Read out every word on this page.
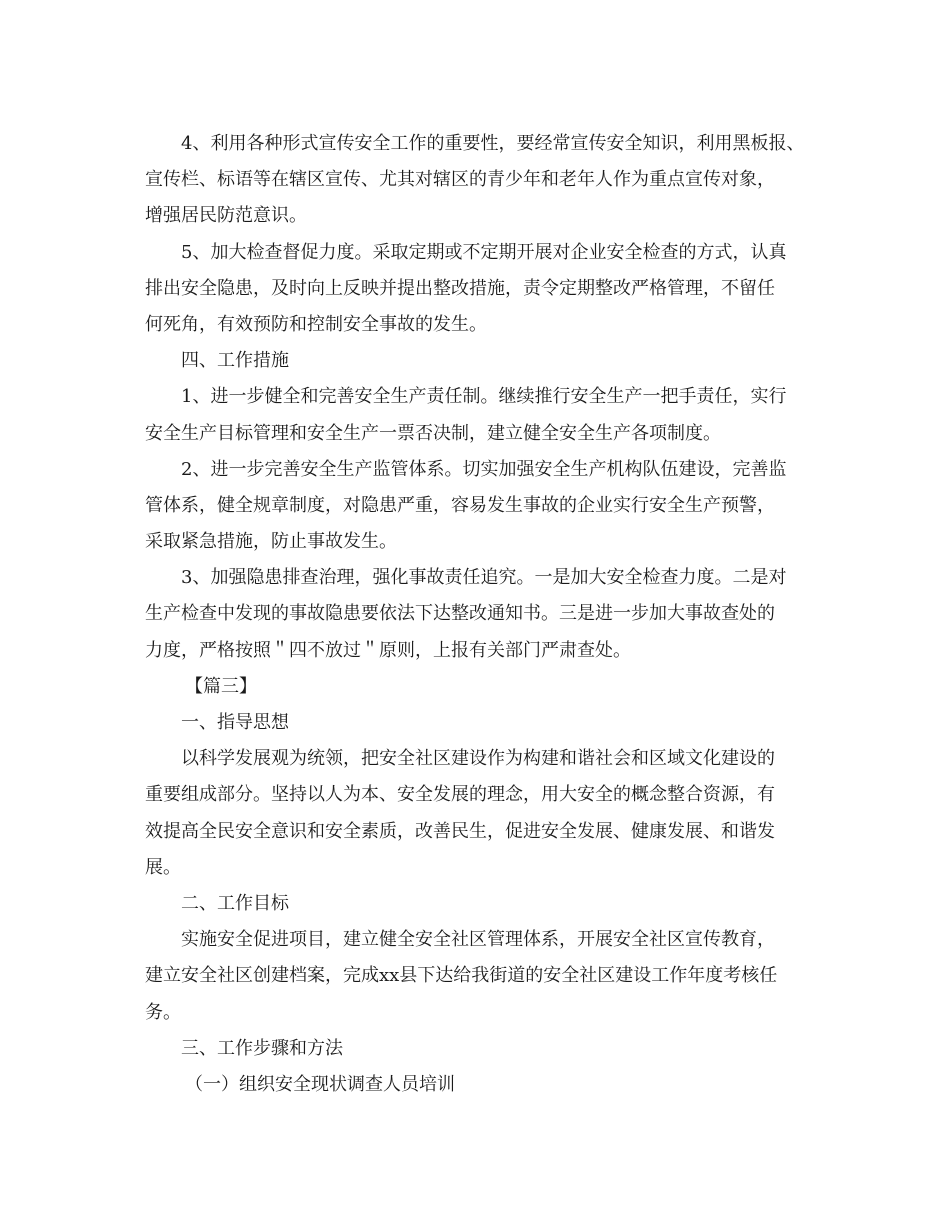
4、利用各种形式宣传安全工作的重要性，要经常宣传安全知识，利用黑板报、
宣传栏、标语等在辖区宣传、尤其对辖区的青少年和老年人作为重点宣传对象，
增强居民防范意识。
5、加大检查督促力度。采取定期或不定期开展对企业安全检查的方式，认真
排出安全隐患，及时向上反映并提出整改措施，责令定期整改严格管理，不留任
何死角，有效预防和控制安全事故的发生。
四、工作措施
1、进一步健全和完善安全生产责任制。继续推行安全生产一把手责任，实行
安全生产目标管理和安全生产一票否决制，建立健全安全生产各项制度。
2、进一步完善安全生产监管体系。切实加强安全生产机构队伍建设，完善监
管体系，健全规章制度，对隐患严重，容易发生事故的企业实行安全生产预警，
采取紧急措施，防止事故发生。
3、加强隐患排查治理，强化事故责任追究。一是加大安全检查力度。二是对
生产检查中发现的事故隐患要依法下达整改通知书。三是进一步加大事故查处的
力度，严格按照＂四不放过＂原则，上报有关部门严肃查处。
【篇三】
一、指导思想
以科学发展观为统领，把安全社区建设作为构建和谐社会和区域文化建设的
重要组成部分。坚持以人为本、安全发展的理念，用大安全的概念整合资源，有
效提高全民安全意识和安全素质，改善民生，促进安全发展、健康发展、和谐发
展。
二、工作目标
实施安全促进项目，建立健全安全社区管理体系，开展安全社区宣传教育，
建立安全社区创建档案，完成xx县下达给我街道的安全社区建设工作年度考核任
务。
三、工作步骤和方法
（一）组织安全现状调查人员培训
